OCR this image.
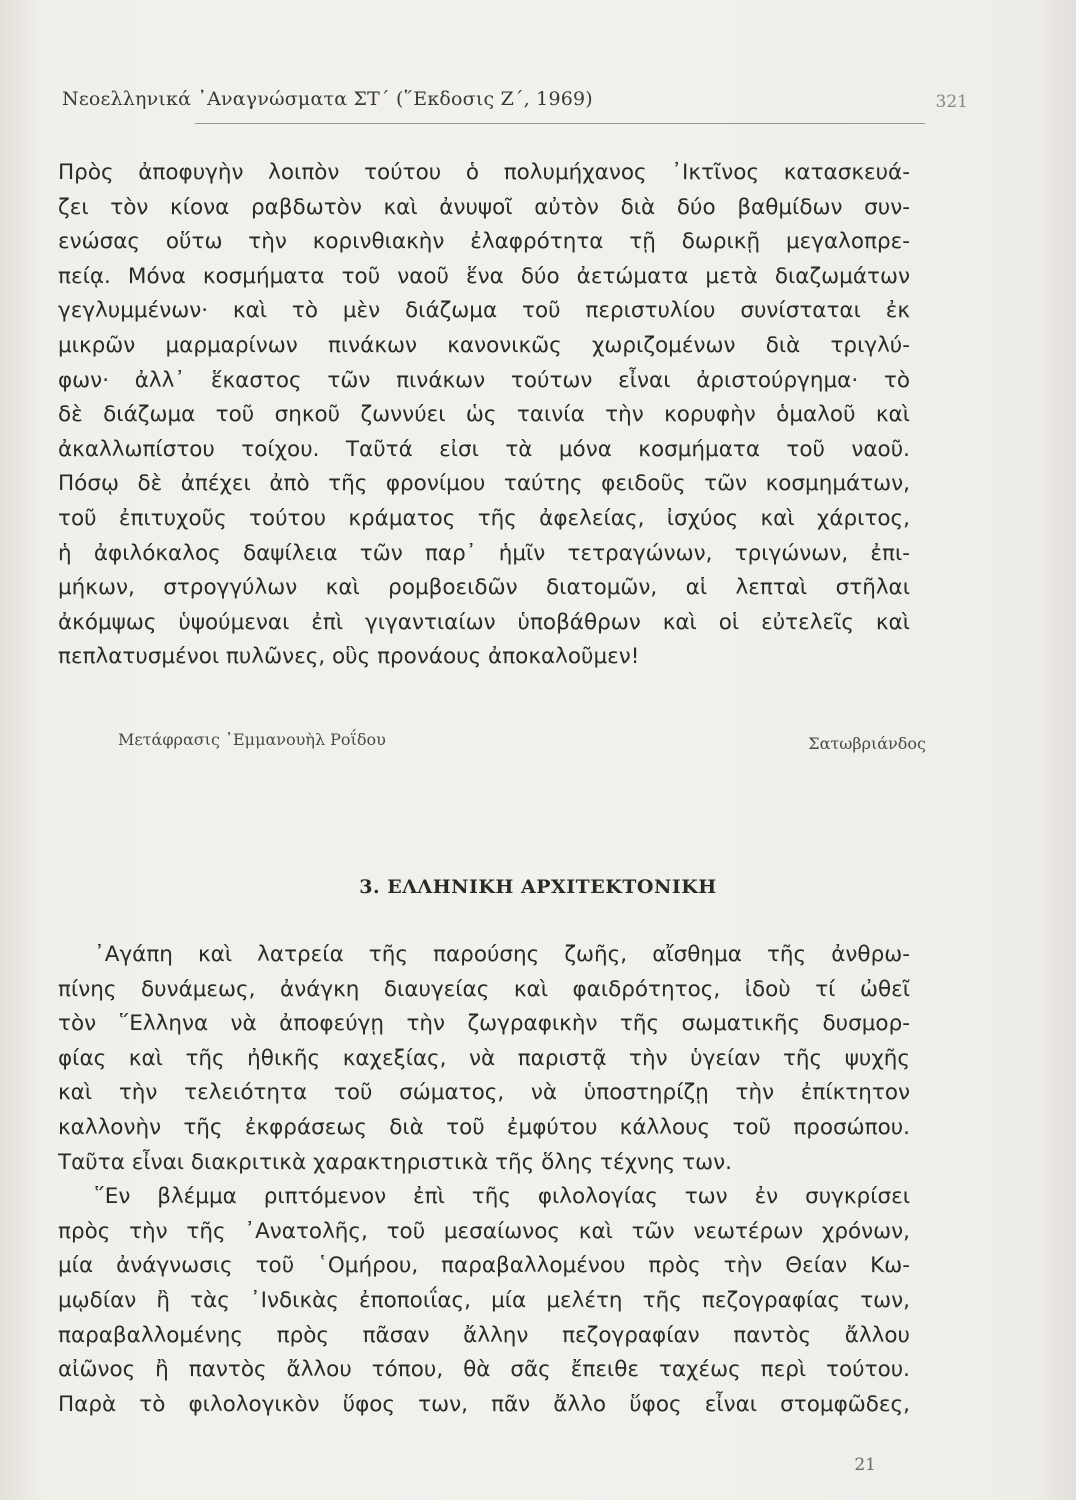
Νεοελληνικά ᾿Αναγνώσματα ΣΤ΄ (῞Εκδοσις Ζ΄, 1969)	321
Πρὸς ἀποφυγὴν λοιπὸν τούτου ὁ πολυμήχανος ᾿Ικτῖνος κατασκευά-
ζει τὸν κίονα ραβδωτὸν καὶ ἀνυψοῖ αὐτὸν διὰ δύο βαθμίδων συν-
ενώσας οὕτω τὴν κορινθιακὴν ἐλαφρότητα τῇ δωρικῇ μεγαλοπρε-
πείᾳ. Μόνα κοσμήματα τοῦ ναοῦ ἕνα δύο ἀετώματα μετὰ διαζωμάτων
γεγλυμμένων· καὶ τὸ μὲν διάζωμα τοῦ περιστυλίου συνίσταται ἐκ
μικρῶν μαρμαρίνων πινάκων κανονικῶς χωριζομένων διὰ τριγλύ-
φων· ἀλλ᾿ ἕκαστος τῶν πινάκων τούτων εἶναι ἀριστούργημα· τὸ
δὲ διάζωμα τοῦ σηκοῦ ζωννύει ὡς ταινία τὴν κορυφὴν ὁμαλοῦ καὶ
ἀκαλλωπίστου τοίχου. Ταῦτά εἰσι τὰ μόνα κοσμήματα τοῦ ναοῦ.
Πόσῳ δὲ ἀπέχει ἀπὸ τῆς φρονίμου ταύτης φειδοῦς τῶν κοσμημάτων,
τοῦ ἐπιτυχοῦς τούτου κράματος τῆς ἀφελείας, ἰσχύος καὶ χάριτος,
ἡ ἀφιλόκαλος δαψίλεια τῶν παρ᾿ ἡμῖν τετραγώνων, τριγώνων, ἐπι-
μήκων, στρογγύλων καὶ ρομβοειδῶν διατομῶν, αἱ λεπταὶ στῆλαι
ἀκόμψως ὑψούμεναι ἐπὶ γιγαντιαίων ὑποβάθρων καὶ οἱ εὐτελεῖς καὶ
πεπλατυσμένοι πυλῶνες, οὓς προνάους ἀποκαλοῦμεν!
Μετάφρασις ᾿Εμμανουὴλ Ροΐδου	Σατωβριάνδος
3. ΕΛΛΗΝΙΚΗ ΑΡΧΙΤΕΚΤΟΝΙΚΗ
᾿Αγάπη καὶ λατρεία τῆς παρούσης ζωῆς, αἴσθημα τῆς ἀνθρω-
πίνης δυνάμεως, ἀνάγκη διαυγείας καὶ φαιδρότητος, ἰδοὺ τί ὠθεῖ
τὸν ῞Ελληνα νὰ ἀποφεύγῃ τὴν ζωγραφικὴν τῆς σωματικῆς δυσμορ-
φίας καὶ τῆς ἠθικῆς καχεξίας, νὰ παριστᾷ τὴν ὑγείαν τῆς ψυχῆς
καὶ τὴν τελειότητα τοῦ σώματος, νὰ ὑποστηρίζῃ τὴν ἐπίκτητον
καλλονὴν τῆς ἐκφράσεως διὰ τοῦ ἐμφύτου κάλλους τοῦ προσώπου.
Ταῦτα εἶναι διακριτικὰ χαρακτηριστικὰ τῆς ὅλης τέχνης των.
῞Εν βλέμμα ριπτόμενον ἐπὶ τῆς φιλολογίας των ἐν συγκρίσει
πρὸς τὴν τῆς ᾿Ανατολῆς, τοῦ μεσαίωνος καὶ τῶν νεωτέρων χρόνων,
μία ἀνάγνωσις τοῦ ῾Ομήρου, παραβαλλομένου πρὸς τὴν Θείαν Κω-
μῳδίαν ἢ τὰς ᾿Ινδικὰς ἐποποιΐας, μία μελέτη τῆς πεζογραφίας των,
παραβαλλομένης πρὸς πᾶσαν ἄλλην πεζογραφίαν παντὸς ἄλλου
αἰῶνος ἢ παντὸς ἄλλου τόπου, θὰ σᾶς ἔπειθε ταχέως περὶ τούτου.
Παρὰ τὸ φιλολογικὸν ὕφος των, πᾶν ἄλλο ὕφος εἶναι στομφῶδες,
21
